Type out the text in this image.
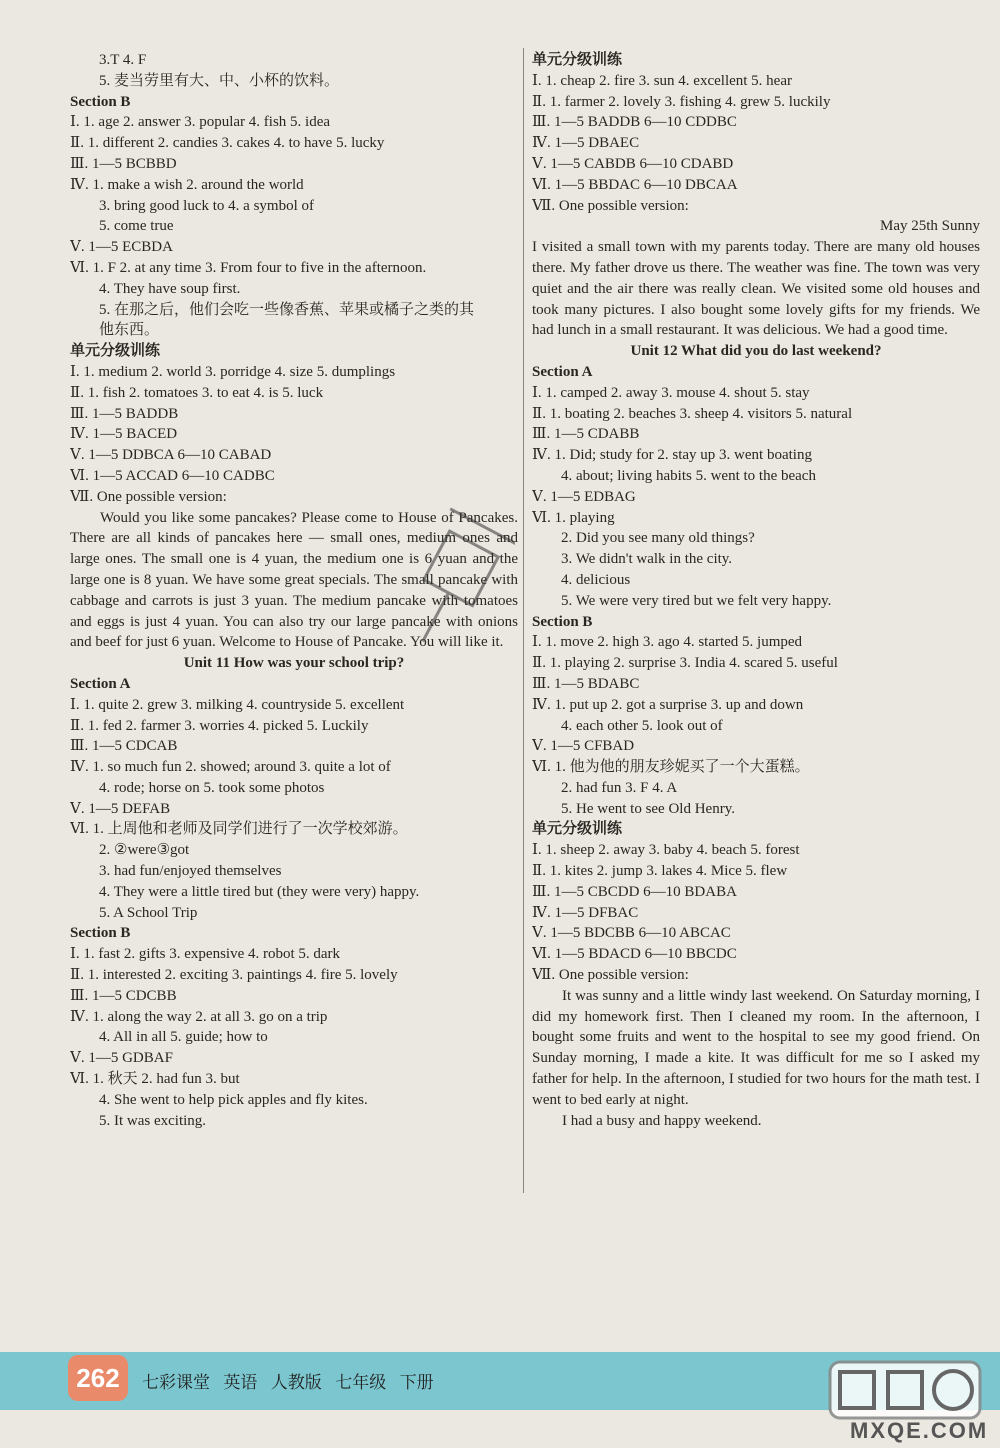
3.T 4. F
5. 麦当劳里有大、中、小杯的饮料。
Section B
Ⅰ. 1. age 2. answer 3. popular 4. fish 5. idea
Ⅱ. 1. different 2. candies 3. cakes 4. to have 5. lucky
Ⅲ. 1—5 BCBBD
Ⅳ. 1. make a wish 2. around the world
3. bring good luck to 4. a symbol of
5. come true
Ⅴ. 1—5 ECBDA
Ⅵ. 1. F 2. at any time 3. From four to five in the afternoon.
4. They have soup first.
5. 在那之后，他们会吃一些像香蕉、苹果或橘子之类的其
他东西。
单元分级训练
Ⅰ. 1. medium 2. world 3. porridge 4. size 5. dumplings
Ⅱ. 1. fish 2. tomatoes 3. to eat 4. is 5. luck
Ⅲ. 1—5 BADDB
Ⅳ. 1—5 BACED
Ⅴ. 1—5 DDBCA 6—10 CABAD
Ⅵ. 1—5 ACCAD 6—10 CADBC
Ⅶ. One possible version:

Would you like some pancakes? Please come to House of Pancakes. There are all kinds of pancakes here — small ones, medium ones and large ones. The small one is 4 yuan, the medium one is 6 yuan and the large one is 8 yuan. We have some great specials. The small pancake with cabbage and carrots is just 3 yuan. The medium pancake with tomatoes and eggs is just 4 yuan. You can also try our large pancake with onions and beef for just 6 yuan. Welcome to House of Pancake. You will like it.

Unit 11 How was your school trip?
Section A
Ⅰ. 1. quite 2. grew 3. milking 4. countryside 5. excellent
Ⅱ. 1. fed 2. farmer 3. worries 4. picked 5. Luckily
Ⅲ. 1—5 CDCAB
Ⅳ. 1. so much fun 2. showed; around 3. quite a lot of
4. rode; horse on 5. took some photos
Ⅴ. 1—5 DEFAB
Ⅵ. 1. 上周他和老师及同学们进行了一次学校郊游。
2. ②were③got
3. had fun/enjoyed themselves
4. They were a little tired but (they were very) happy.
5. A School Trip
Section B
Ⅰ. 1. fast 2. gifts 3. expensive 4. robot 5. dark
Ⅱ. 1. interested 2. exciting 3. paintings 4. fire 5. lovely
Ⅲ. 1—5 CDCBB
Ⅳ. 1. along the way 2. at all 3. go on a trip
4. All in all 5. guide; how to
Ⅴ. 1—5 GDBAF
Ⅵ. 1. 秋天 2. had fun 3. but
4. She went to help pick apples and fly kites.
5. It was exciting.
单元分级训练
Ⅰ. 1. cheap 2. fire 3. sun 4. excellent 5. hear
Ⅱ. 1. farmer 2. lovely 3. fishing 4. grew 5. luckily
Ⅲ. 1—5 BADDB 6—10 CDDBC
Ⅳ. 1—5 DBAEC
Ⅴ. 1—5 CABDB 6—10 CDABD
Ⅵ. 1—5 BBDAC 6—10 DBCAA
Ⅶ. One possible version:
May 25th Sunny

I visited a small town with my parents today. There are many old houses there. My father drove us there. The weather was fine. The town was very quiet and the air there was really clean. We visited some old houses and took many pictures. I also bought some lovely gifts for my friends. We had lunch in a small restaurant. It was delicious. We had a good time.

Unit 12 What did you do last weekend?
Section A
Ⅰ. 1. camped 2. away 3. mouse 4. shout 5. stay
Ⅱ. 1. boating 2. beaches 3. sheep 4. visitors 5. natural
Ⅲ. 1—5 CDABB
Ⅳ. 1. Did; study for 2. stay up 3. went boating
4. about; living habits 5. went to the beach
Ⅴ. 1—5 EDBAG
Ⅵ. 1. playing
2. Did you see many old things?
3. We didn't walk in the city.
4. delicious
5. We were very tired but we felt very happy.
Section B
Ⅰ. 1. move 2. high 3. ago 4. started 5. jumped
Ⅱ. 1. playing 2. surprise 3. India 4. scared 5. useful
Ⅲ. 1—5 BDABC
Ⅳ. 1. put up 2. got a surprise 3. up and down
4. each other 5. look out of
Ⅴ. 1—5 CFBAD
Ⅵ. 1. 他为他的朋友珍妮买了一个大蛋糕。
2. had fun 3. F 4. A
5. He went to see Old Henry.
单元分级训练
Ⅰ. 1. sheep 2. away 3. baby 4. beach 5. forest
Ⅱ. 1. kites 2. jump 3. lakes 4. Mice 5. flew
Ⅲ. 1—5 CBCDD 6—10 BDABA
Ⅳ. 1—5 DFBAC
Ⅴ. 1—5 BDCBB 6—10 ABCAC
Ⅵ. 1—5 BDACD 6—10 BBCDC
Ⅶ. One possible version:

It was sunny and a little windy last weekend. On Saturday morning, I did my homework first. Then I cleaned my room. In the afternoon, I bought some fruits and went to the hospital to see my good friend. On Sunday morning, I made a kite. It was difficult for me so I asked my father for help. In the afternoon, I studied for two hours for the math test. I went to bed early at night.

I had a busy and happy weekend.

262	七彩课堂 英语 人教版 七年级 下册
MXQE.COM
